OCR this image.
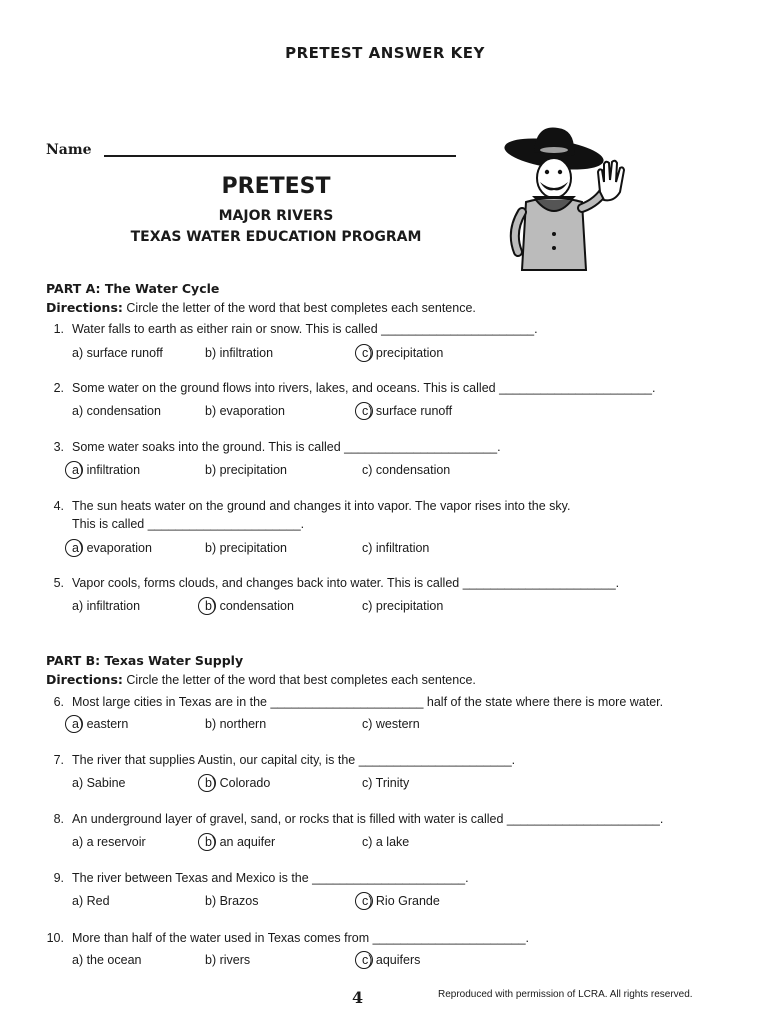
PRETEST ANSWER KEY
Name
PRETEST
MAJOR RIVERS
TEXAS WATER EDUCATION PROGRAM
PART A: The Water Cycle
Directions: Circle the letter of the word that best completes each sentence.
1. Water falls to earth as either rain or snow. This is called ______________________.
a) surface runoff	b) infiltration	c) precipitation
2. Some water on the ground flows into rivers, lakes, and oceans. This is called ______________________.
a) condensation	b) evaporation	c) surface runoff
3. Some water soaks into the ground. This is called ______________________.
a) infiltration	b) precipitation	c) condensation
4. The sun heats water on the ground and changes it into vapor. The vapor rises into the sky.
This is called ______________________.
a) evaporation	b) precipitation	c) infiltration
5. Vapor cools, forms clouds, and changes back into water. This is called ______________________.
a) infiltration	b) condensation	c) precipitation
PART B: Texas Water Supply
Directions: Circle the letter of the word that best completes each sentence.
6. Most large cities in Texas are in the ______________________ half of the state where there is more water.
a) eastern	b) northern	c) western
7. The river that supplies Austin, our capital city, is the ______________________.
a) Sabine	b) Colorado	c) Trinity
8. An underground layer of gravel, sand, or rocks that is filled with water is called ______________________.
a) a reservoir	b) an aquifer	c) a lake
9. The river between Texas and Mexico is the ______________________.
a) Red	b) Brazos	c) Rio Grande
10. More than half of the water used in Texas comes from ______________________.
a) the ocean	b) rivers	c) aquifers
4	Reproduced with permission of LCRA. All rights reserved.
